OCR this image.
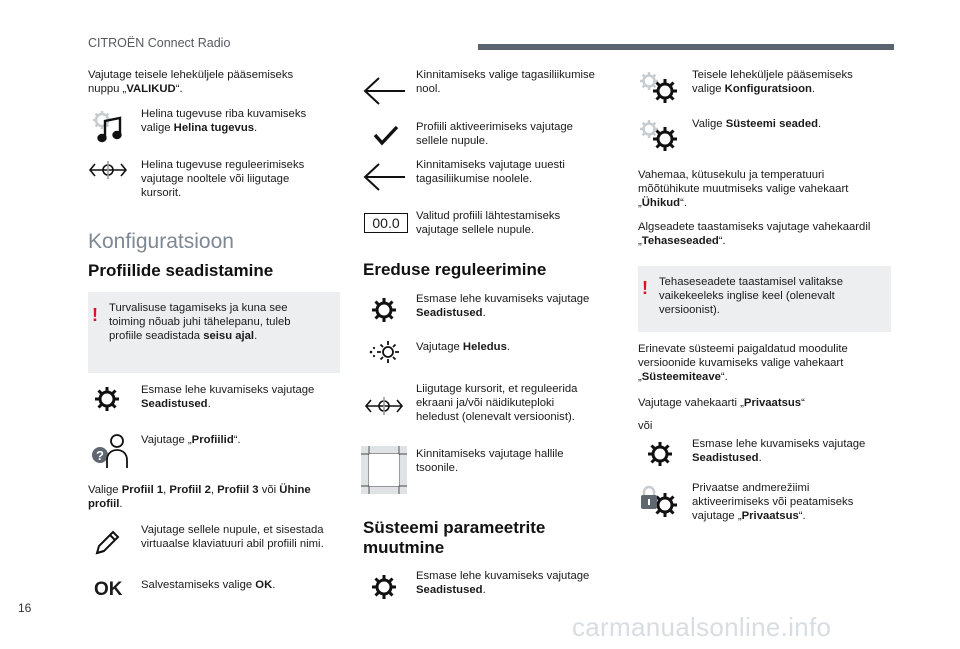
CITROËN Connect Radio
Vajutage teisele leheküljele pääsemiseks
nuppu „VALIKUD“.
Helina tugevuse riba kuvamiseks
valige Helina tugevus.
Helina tugevuse reguleerimiseks
vajutage nooltele või liigutage
kursorit.
Konfiguratsioon
Profiilide seadistamine
! Turvalisuse tagamiseks ja kuna see
toiming nõuab juhi tähelepanu, tuleb
profiile seadistada seisu ajal.
Esmase lehe kuvamiseks vajutage
Seadistused.
?
Vajutage „Profiilid“.
Valige Profiil 1, Profiil 2, Profiil 3 või Ühine
profiil.
Vajutage sellele nupule, et sisestada
virtuaalse klaviatuuri abil profiili nimi.
OK Salvestamiseks valige OK.
Kinnitamiseks valige tagasiliikumise
nool.
Profiili aktiveerimiseks vajutage
sellele nupule.
Kinnitamiseks vajutage uuesti
tagasiliikumise noolele.
00.0	Valitud profiili lähtestamiseks
vajutage sellele nupule.
Ereduse reguleerimine
Esmase lehe kuvamiseks vajutage
Seadistused.
Vajutage Heledus.
Liigutage kursorit, et reguleerida
ekraani ja/või näidikuteploki
heledust (olenevalt versioonist).
Kinnitamiseks vajutage hallile
tsoonile.
Süsteemi parameetrite
muutmine
Esmase lehe kuvamiseks vajutage
Seadistused.
Teisele leheküljele pääsemiseks
valige Konfiguratsioon.
Valige Süsteemi seaded.
Vahemaa, kütusekulu ja temperatuuri
mõõtühikute muutmiseks valige vahekaart
„Ühikud“.
Algseadete taastamiseks vajutage vahekaardil
„Tehaseseaded“.
! Tehaseseadete taastamisel valitakse
vaikekeeleks inglise keel (olenevalt
versioonist).
Erinevate süsteemi paigaldatud moodulite
versioonide kuvamiseks valige vahekaart
„Süsteemiteave“.
Vajutage vahekaarti „Privaatsus“
või
Esmase lehe kuvamiseks vajutage
Seadistused.
Privaatse andmerežiimi
aktiveerimiseks või peatamiseks
vajutage „Privaatsus“.
16
carmanualsonline.info
